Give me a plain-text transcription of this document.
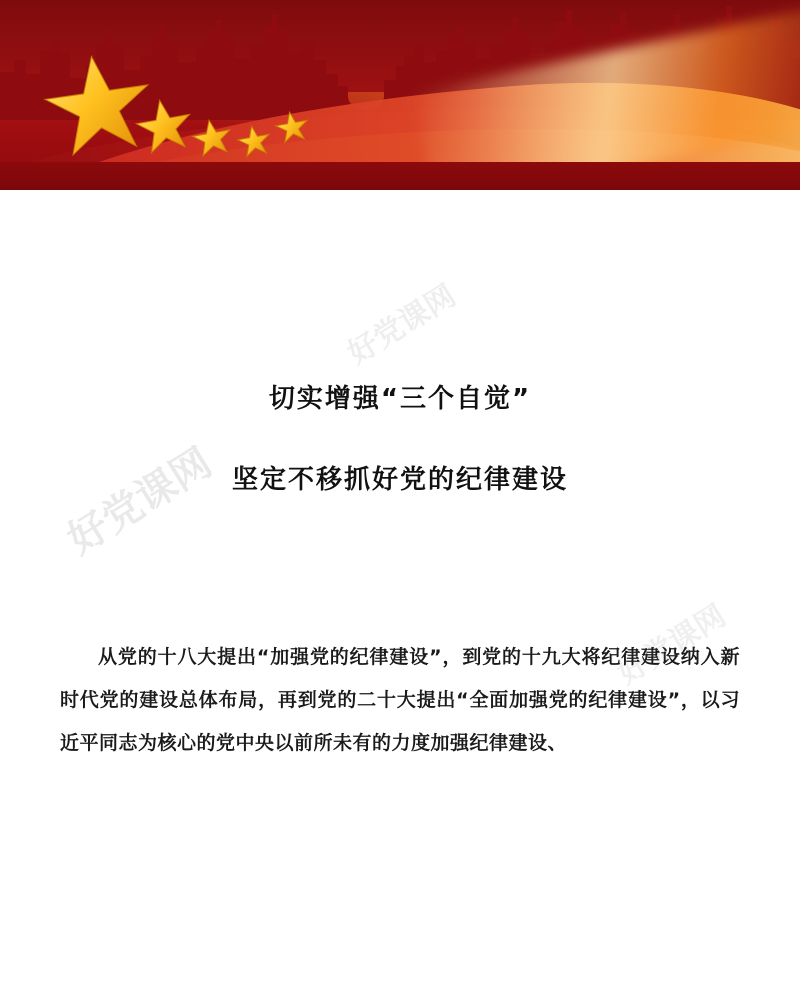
切实增强“三个自觉”
坚定不移抓好党的纪律建设

从党的十八大提出“加强党的纪律建设”，到党的十九大将纪律建设纳入新时代党的建设总体布局，再到党的二十大提出“全面加强党的纪律建设”，以习近平同志为核心的党中央以前所未有的力度加强纪律建设、

好党课网
好党课网
好党课网
